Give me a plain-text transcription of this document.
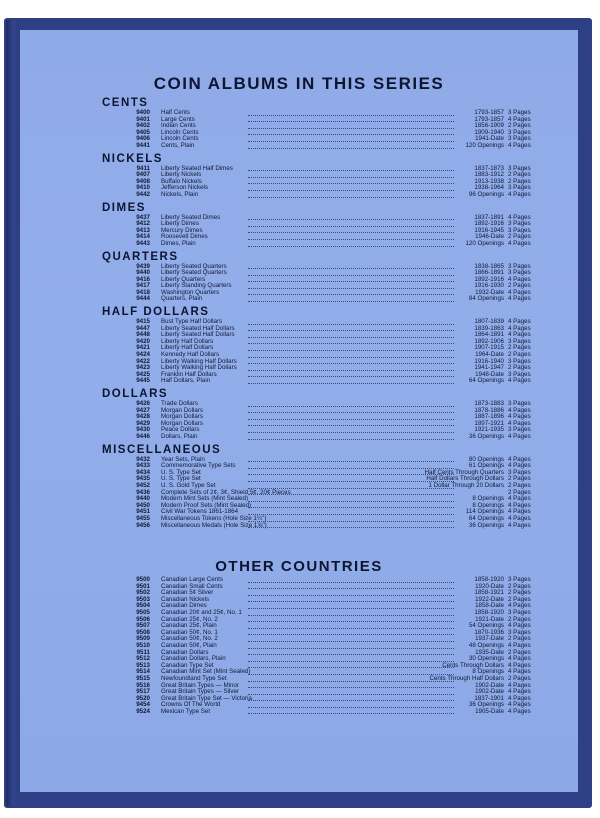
COIN ALBUMS IN THIS SERIES
CENTS
9400 Half Cents	1793-1857 3 Pages
9401 Large Cents	1793-1857 4 Pages
9402 Indian Cents	1856-1909 2 Pages
9405 Lincoln Cents	1909-1940 3 Pages
9406 Lincoln Cents	1941-Date 3 Pages
9441 Cents, Plain	120 Openings 4 Pages
NICKELS
9411 Liberty Seated Half Dimes	1837-1873 3 Pages
9407 Liberty Nickels	1883-1912 2 Pages
9408 Buffalo Nickels	1913-1938 2 Pages
9410 Jefferson Nickels	1938-1964 3 Pages
9442 Nickels, Plain	96 Openings 4 Pages
DIMES
9437 Liberty Seated Dimes	1837-1891 4 Pages
9412 Liberty Dimes	1892-1916 3 Pages
9413 Mercury Dimes	1916-1945 3 Pages
9414 Roosevelt Dimes	1946-Date 2 Pages
9443 Dimes, Plain	120 Openings 4 Pages
QUARTERS
9439 Liberty Seated Quarters	1838-1865 3 Pages
9440 Liberty Seated Quarters	1866-1891 3 Pages
9416 Liberty Quarters	1892-1916 4 Pages
9417 Liberty Standing Quarters	1916-1930 2 Pages
9418 Washington Quarters	1932-Date 4 Pages
9444 Quarters, Plain	84 Openings 4 Pages
HALF DOLLARS
9415 Bust Type Half Dollars	1807-1839 4 Pages
9447 Liberty Seated Half Dollars	1839-1863 4 Pages
9448 Liberty Seated Half Dollars	1864-1891 4 Pages
9420 Liberty Half Dollars	1892-1906 3 Pages
9421 Liberty Half Dollars	1907-1915 2 Pages
9424 Kennedy Half Dollars	1964-Date 2 Pages
9422 Liberty Walking Half Dollars	1916-1940 3 Pages
9423 Liberty Walking Half Dollars	1941-1947 2 Pages
9425 Franklin Half Dollars	1948-Date 3 Pages
9445 Half Dollars, Plain	64 Openings 4 Pages
DOLLARS
9426 Trade Dollars	1873-1883 3 Pages
9427 Morgan Dollars	1878-1886 4 Pages
9428 Morgan Dollars	1887-1896 4 Pages
9429 Morgan Dollars	1897-1921 4 Pages
9430 Peace Dollars	1921-1935 3 Pages
9446 Dollars, Plain	36 Openings 4 Pages
MISCELLANEOUS
9432 Year Sets, Plain	80 Openings 4 Pages
9433 Commemorative Type Sets	61 Openings 4 Pages
9434 U. S. Type Set	Half Cents Through Quarters 3 Pages
9435 U. S. Type Set	Half Dollars Through Dollars 2 Pages
9452 U. S. Gold Type Set	1 Dollar Through 20 Dollars 2 Pages
9436 Complete Sets of 2¢, 3¢, Shield 5¢, 20¢ Pieces	2 Pages
9440 Modern Mint Sets (Mint Sealed)	8 Openings 4 Pages
9450 Modern Proof Sets (Mint Sealed)	8 Openings 4 Pages
9451 Civil War Tokens 1861-1864	114 Openings 4 Pages
9455 Miscellaneous Tokens (Hole Size 1¼")	64 Openings 4 Pages
9456 Miscellaneous Medals (Hole Size 1⅝")	36 Openings 4 Pages
OTHER COUNTRIES
9500 Canadian Large Cents	1858-1920 3 Pages
9501 Canadian Small Cents	1920-Date 2 Pages
9502 Canadian 5¢ Silver	1858-1921 2 Pages
9503 Canadian Nickels	1922-Date 2 Pages
9504 Canadian Dimes	1858-Date 4 Pages
9505 Canadian 20¢ and 25¢, No. 1	1858-1920 3 Pages
9506 Canadian 25¢, No. 2	1921-Date 2 Pages
9507 Canadian 25¢, Plain	54 Openings 4 Pages
9508 Canadian 50¢, No. 1	1870-1936 3 Pages
9509 Canadian 50¢, No. 2	1937-Date 2 Pages
9510 Canadian 50¢, Plain	48 Openings 4 Pages
9511 Canadian Dollars	1935-Date 2 Pages
9512 Canadian Dollars, Plain	30 Openings 4 Pages
9513 Canadian Type Set	Cents Through Dollars 4 Pages
9514 Canadian Mint Set (Mint Sealed)	8 Openings 4 Pages
9515 Newfoundland Type Set	Cents Through Half Dollars 2 Pages
9516 Great Britain Types — Minor	1902-Date 4 Pages
9517 Great Britain Types — Silver	1902-Date 4 Pages
9520 Great Britain Type Set — Victoria	1837-1901 4 Pages
9454 Crowns Of The World	36 Openings 4 Pages
9524 Mexican Type Set	1905-Date 4 Pages
